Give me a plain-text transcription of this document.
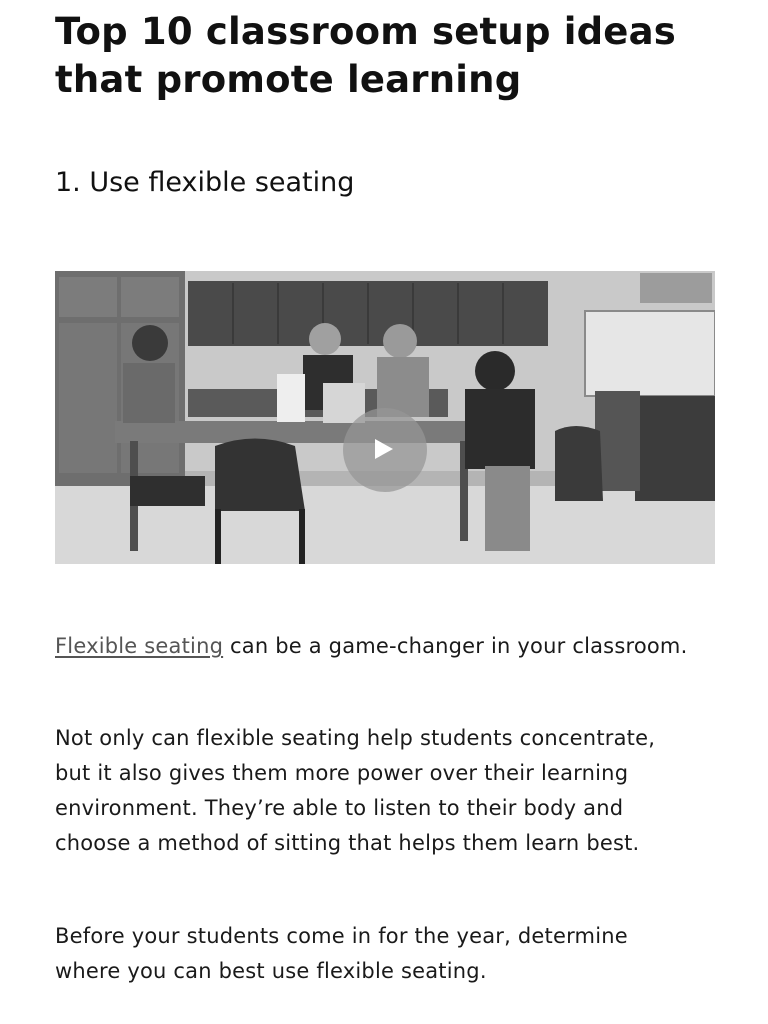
Top 10 classroom setup ideas that promote learning
1. Use flexible seating

Flexible seating can be a game-changer in your classroom.

Not only can flexible seating help students concentrate, but it also gives them more power over their learning environment. They’re able to listen to their body and choose a method of sitting that helps them learn best.

Before your students come in for the year, determine where you can best use flexible seating.
